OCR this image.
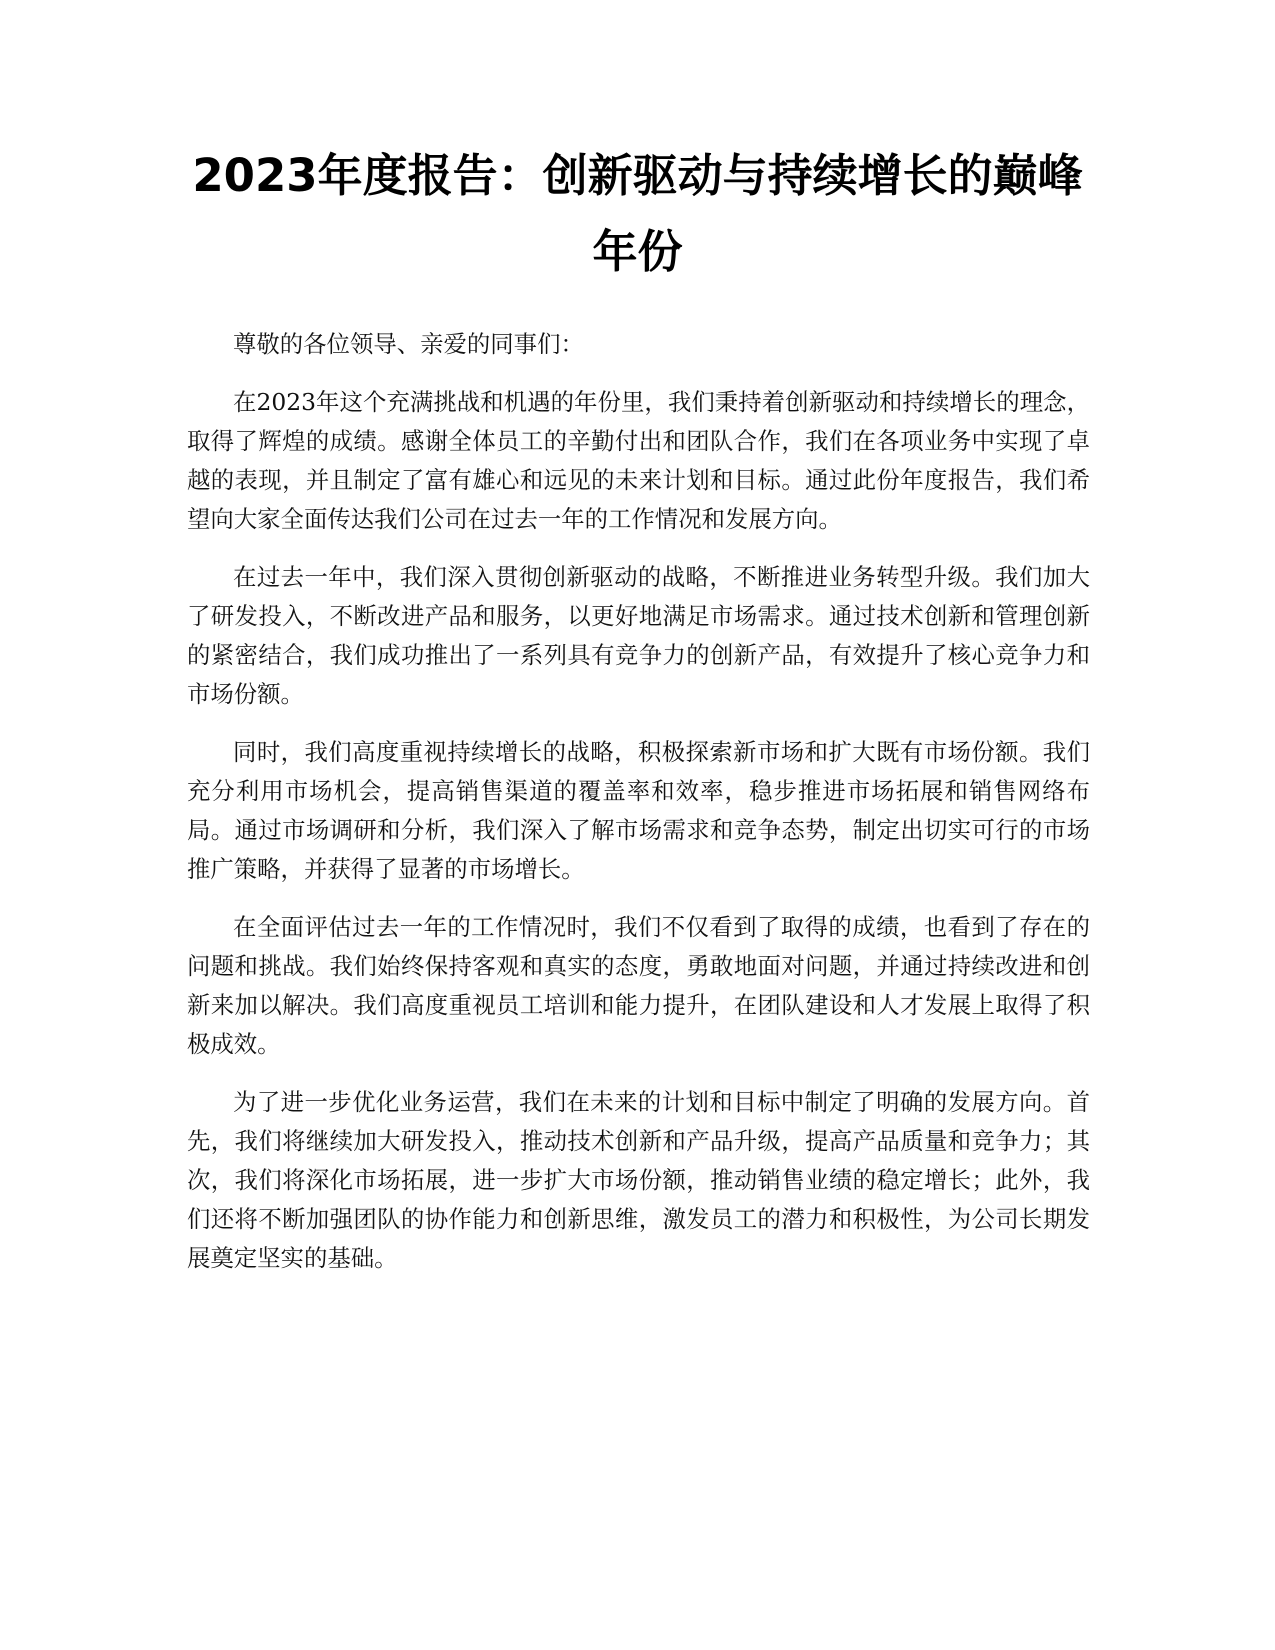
2023年度报告：创新驱动与持续增长的巅峰年份

尊敬的各位领导、亲爱的同事们：

在2023年这个充满挑战和机遇的年份里，我们秉持着创新驱动和持续增长的理念，取得了辉煌的成绩。感谢全体员工的辛勤付出和团队合作，我们在各项业务中实现了卓越的表现，并且制定了富有雄心和远见的未来计划和目标。通过此份年度报告，我们希望向大家全面传达我们公司在过去一年的工作情况和发展方向。

在过去一年中，我们深入贯彻创新驱动的战略，不断推进业务转型升级。我们加大了研发投入，不断改进产品和服务，以更好地满足市场需求。通过技术创新和管理创新的紧密结合，我们成功推出了一系列具有竞争力的创新产品，有效提升了核心竞争力和市场份额。

同时，我们高度重视持续增长的战略，积极探索新市场和扩大既有市场份额。我们充分利用市场机会，提高销售渠道的覆盖率和效率，稳步推进市场拓展和销售网络布局。通过市场调研和分析，我们深入了解市场需求和竞争态势，制定出切实可行的市场推广策略，并获得了显著的市场增长。

在全面评估过去一年的工作情况时，我们不仅看到了取得的成绩，也看到了存在的问题和挑战。我们始终保持客观和真实的态度，勇敢地面对问题，并通过持续改进和创新来加以解决。我们高度重视员工培训和能力提升，在团队建设和人才发展上取得了积极成效。

为了进一步优化业务运营，我们在未来的计划和目标中制定了明确的发展方向。首先，我们将继续加大研发投入，推动技术创新和产品升级，提高产品质量和竞争力；其次，我们将深化市场拓展，进一步扩大市场份额，推动销售业绩的稳定增长；此外，我们还将不断加强团队的协作能力和创新思维，激发员工的潜力和积极性，为公司长期发展奠定坚实的基础。
